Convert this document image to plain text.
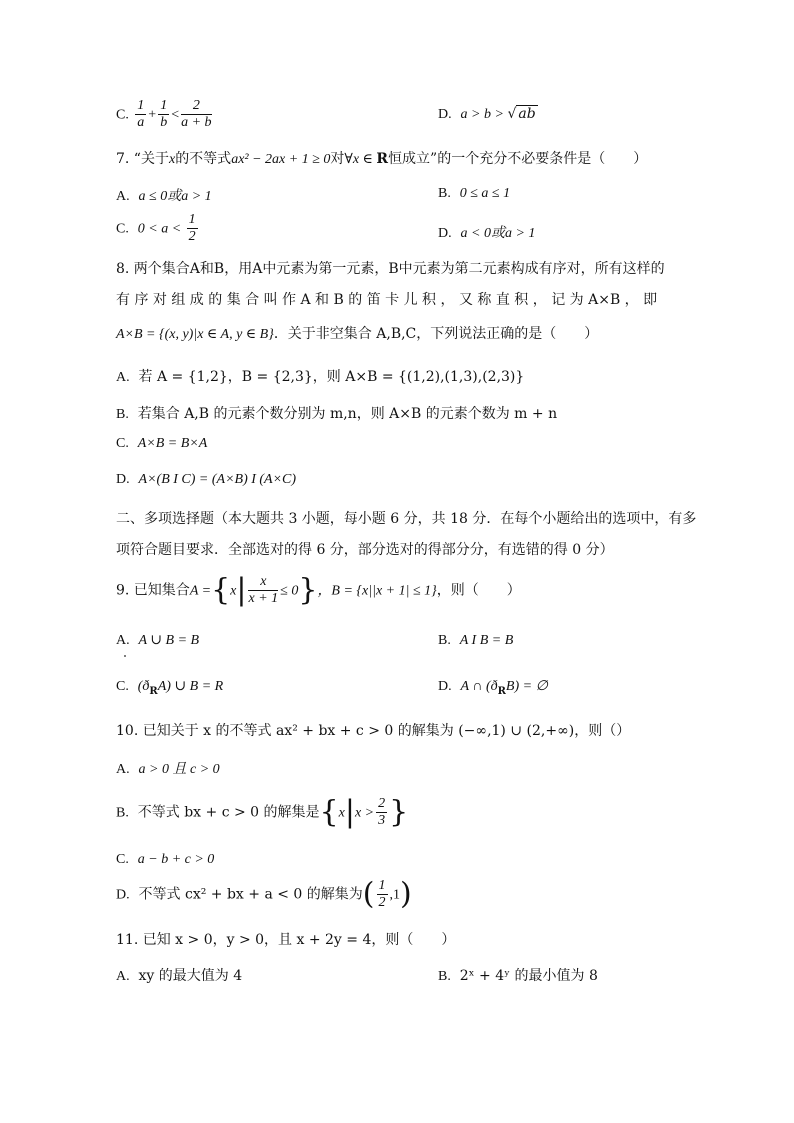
C. $\frac{1}{a} + \frac{1}{b} < \frac{2}{a + b}$	D. a > b > √ ab
7. “关于x的不等式ax² − 2ax + 1 ≥ 0对∀x ∈ R恒成立”的一个充分不必要条件是（　　）
A. a ≤ 0或a > 1	B. 0 ≤ a ≤ 1
C. $0 < a < \frac{1}{2}$	D. a < 0或a > 1
8. 两个集合A和B，用A中元素为第一元素，B中元素为第二元素构成有序对，所有这样的
有 序 对 组 成 的 集 合 叫 作 A 和 B 的 笛 卡 儿 积 ， 又 称 直 积 ， 记 为 A×B ， 即
A×B = {(x, y)|x ∈ A, y ∈ B}．关于非空集合 A,B,C，下列说法正确的是（　　）
A. 若 A = {1,2}，B = {2,3}，则 A×B = {(1,2),(1,3),(2,3)}
B. 若集合 A,B 的元素个数分别为 m,n，则 A×B 的元素个数为 m + n
C. A×B = B×A
D. A×(B I C) = (A×B) I (A×C)
二、多项选择题（本大题共 3 小题，每小题 6 分，共 18 分．在每个小题给出的选项中，有多
项符合题目要求．全部选对的得 6 分，部分选对的得部分分，有选错的得 0 分）
9. 已知集合$A =\{x| \frac{x}{x + 1} \le 0\}$，B = {x||x + 1| ≤ 1}，则（　　）
A. A ∪ B = B	B. A I B = B
C. $(ð_RA)$ ∪ B = R	D. A ∩ $(ð_RB)$ = ∅
10. 已知关于 x 的不等式 ax² + bx + c > 0 的解集为 (−∞,1) ∪ (2,+∞)，则（）
A. a > 0 且 c > 0
B. 不等式 bx + c > 0 的解集是{$x|x > \frac{2}{3}$ }
C. a − b + c > 0
D. 不等式 cx² + bx + a < 0 的解集为( $\frac{1}{2} ,1$)
11. 已知 x > 0，y > 0，且 x + 2y = 4，则（　　）
A. xy 的最大值为 4	B. 2ˣ + 4ʸ 的最小值为 8
